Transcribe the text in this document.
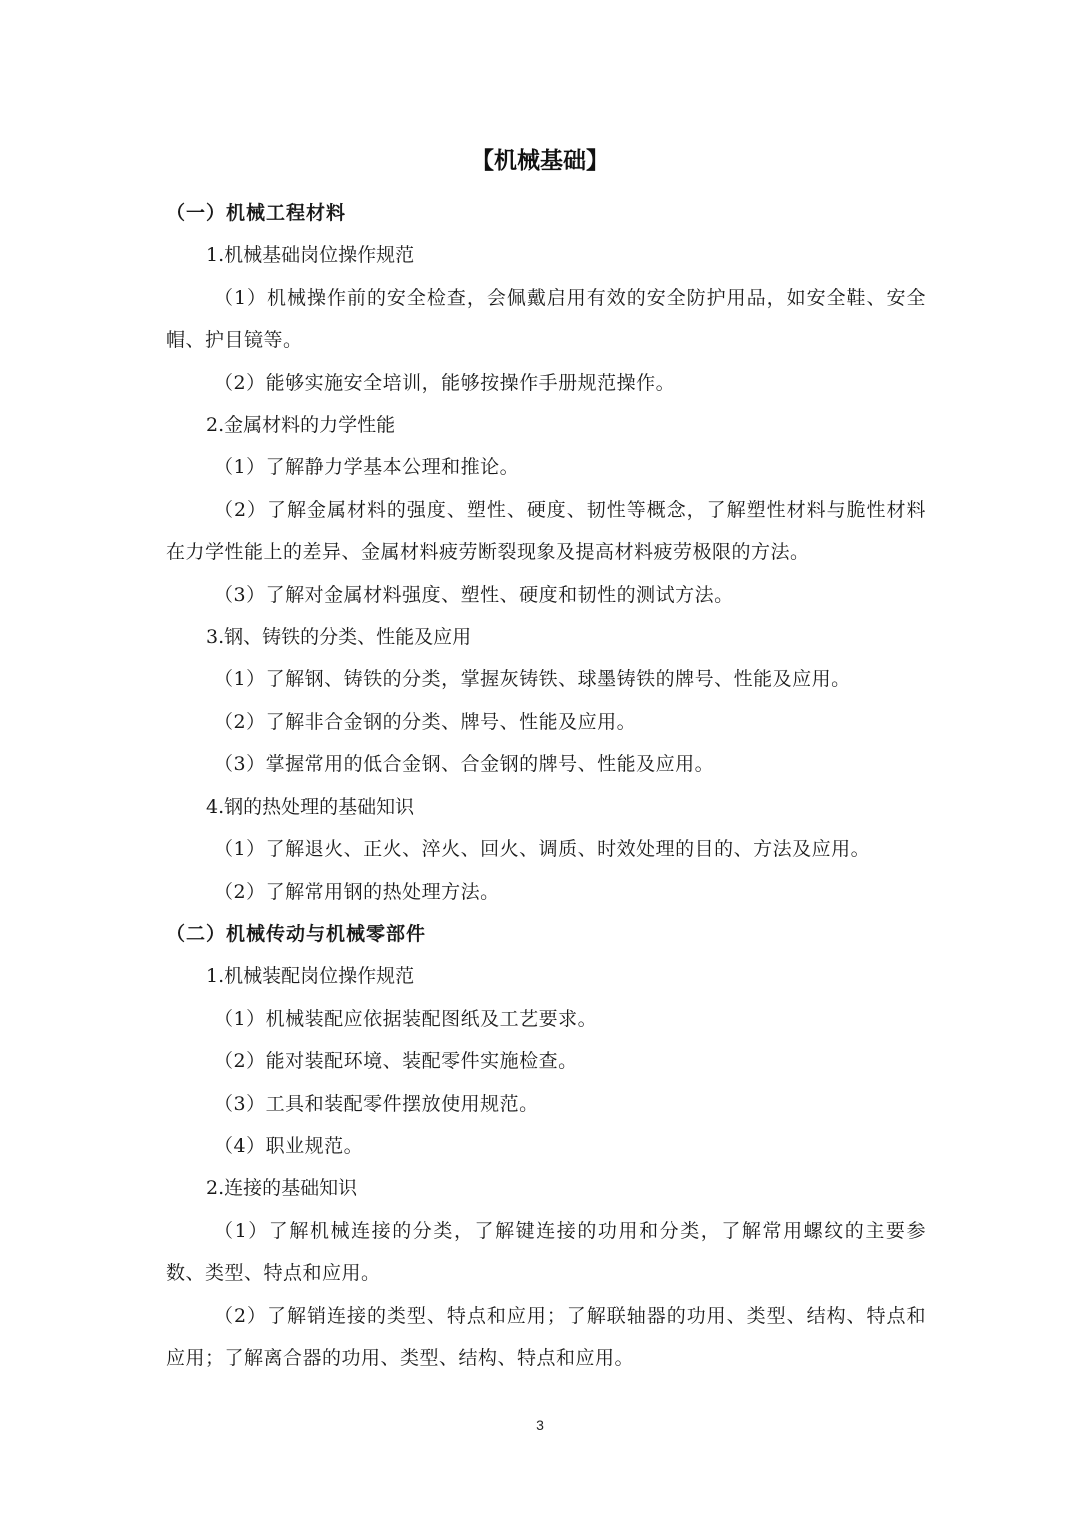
【机械基础】

（一）机械工程材料

1.机械基础岗位操作规范

（1）机械操作前的安全检查，会佩戴启用有效的安全防护用品，如安全鞋、安全帽、护目镜等。

（2）能够实施安全培训，能够按操作手册规范操作。

2.金属材料的力学性能

（1）了解静力学基本公理和推论。

（2）了解金属材料的强度、塑性、硬度、韧性等概念，了解塑性材料与脆性材料在力学性能上的差异、金属材料疲劳断裂现象及提高材料疲劳极限的方法。

（3）了解对金属材料强度、塑性、硬度和韧性的测试方法。

3.钢、铸铁的分类、性能及应用

（1）了解钢、铸铁的分类，掌握灰铸铁、球墨铸铁的牌号、性能及应用。

（2）了解非合金钢的分类、牌号、性能及应用。

（3）掌握常用的低合金钢、合金钢的牌号、性能及应用。

4.钢的热处理的基础知识

（1）了解退火、正火、淬火、回火、调质、时效处理的目的、方法及应用。

（2）了解常用钢的热处理方法。

（二）机械传动与机械零部件

1.机械装配岗位操作规范

（1）机械装配应依据装配图纸及工艺要求。

（2）能对装配环境、装配零件实施检查。

（3）工具和装配零件摆放使用规范。

（4）职业规范。

2.连接的基础知识

（1）了解机械连接的分类，了解键连接的功用和分类，了解常用螺纹的主要参数、类型、特点和应用。

（2）了解销连接的类型、特点和应用；了解联轴器的功用、类型、结构、特点和应用；了解离合器的功用、类型、结构、特点和应用。

3
